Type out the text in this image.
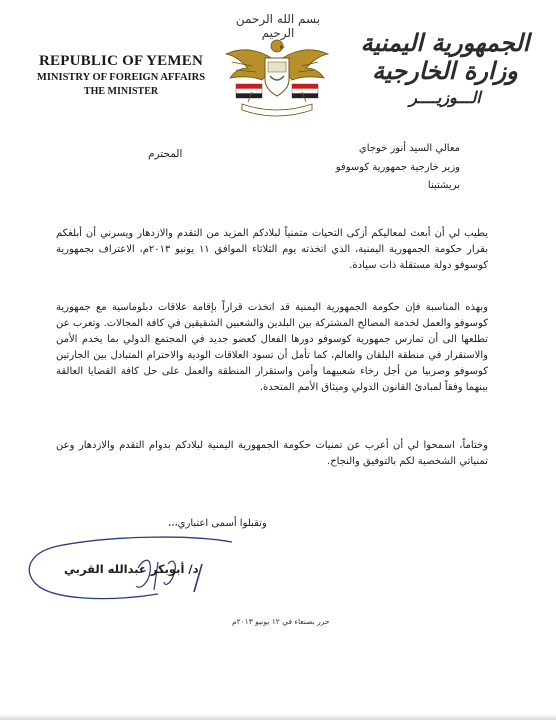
REPUBLIC OF YEMEN
MINISTRY OF FOREIGN AFFAIRS
THE MINISTER
بسم الله الرحمن الرحيم	الجمهورية اليمنية
وزارة الخارجية
الـــوزيــــر
معالي السيد أنور خوجاي
وزير خارجية جمهورية كوسوفو
بريشتينا
المحترم
يطيب لي أن أبعث لمعاليكم أزكى التحيات متمنياً لبلادكم المزيد من التقدم والازدهار ويسرني أن أبلغكم بقرار حكومة الجمهورية اليمنية، الذي اتخذته يوم الثلاثاء الموافق ١١ يونيو ٢٠١٣م، الاعتراف بجمهورية كوسوفو دولة مستقلة ذات سيادة.
وبهذه المناسبة فإن حكومة الجمهورية اليمنية قد اتخذت قراراً بإقامة علاقات دبلوماسية مع جمهورية كوسوفو والعمل لخدمة المصالح المشتركة بين البلدين والشعبين الشقيقين في كافة المجالات. وتعرب عن تطلعها الى أن تمارس جمهورية كوسوفو دورها الفعال كعضو جديد في المجتمع الدولي بما يخدم الأمن والاستقرار في منطقة البلقان والعالم، كما تأمل أن تسود العلاقات الودية والاحترام المتبادل بين الجارتين كوسوفو وصربيا من أجل رخاء شعبيهما وأمن واستقرار المنطقة والعمل على حل كافة القضايا العالقة بينهما وفقاً لمبادئ القانون الدولي وميثاق الأمم المتحدة.
وختاماً، اسمحوا لي أن أعرب عن تمنيات حكومة الجمهورية اليمنية لبلادكم بدوام التقدم والازدهار وعن تمنياتي الشخصية لكم بالتوفيق والنجاح.
وتقبلوا أسمى اعتباري،،،
د/ أبوبكر عبدالله القربي
حرر بصنعاء في ١٢ يونيو ٢٠١٣م
